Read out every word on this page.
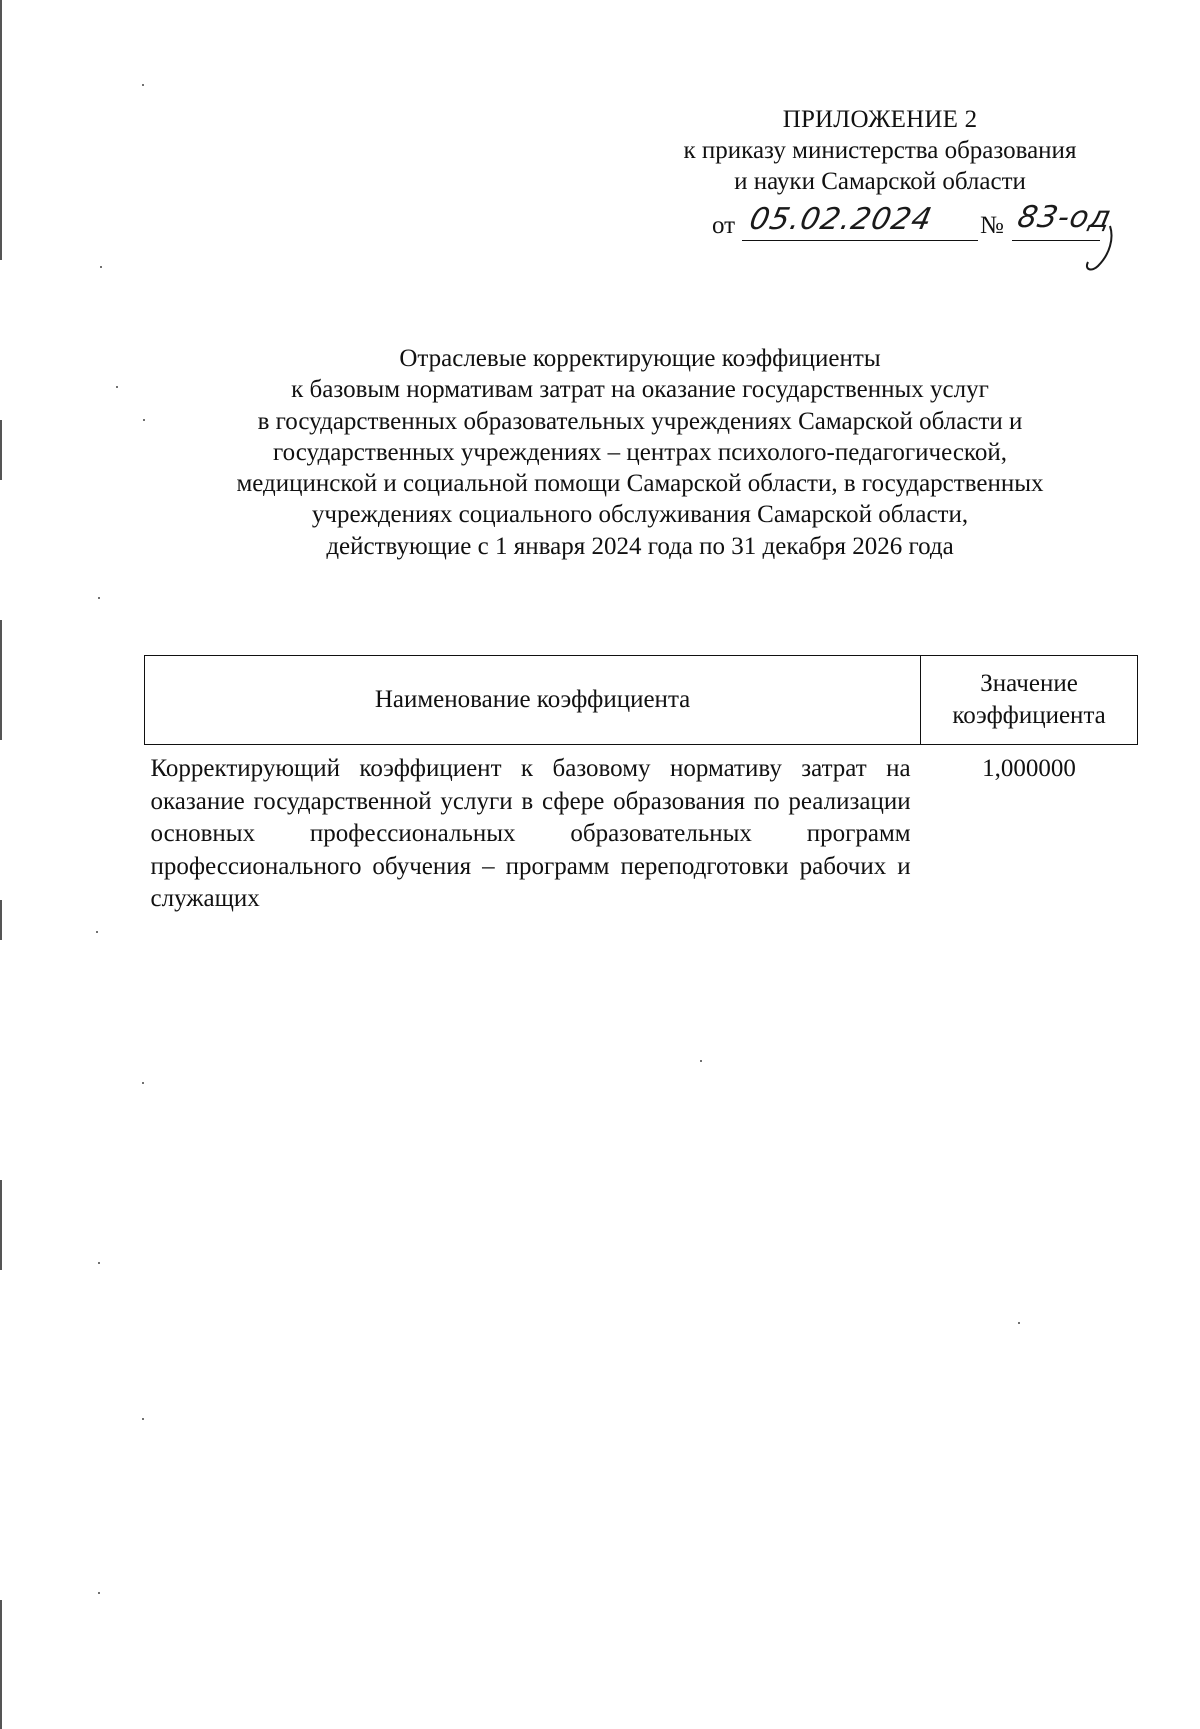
ПРИЛОЖЕНИЕ 2
к приказу министерства образования
и науки Самарской области
от 05.02.2024 № 83-од
Отраслевые корректирующие коэффициенты
к базовым нормативам затрат на оказание государственных услуг
в государственных образовательных учреждениях Самарской области и
государственных учреждениях – центрах психолого-педагогической,
медицинской и социальной помощи Самарской области, в государственных
учреждениях социального обслуживания Самарской области,
действующие с 1 января 2024 года по 31 декабря 2026 года
Наименование коэффициента	Значение
коэффициента
Корректирующий коэффициент к базовому нормативу затрат на оказание государственной услуги в сфере образования по реализации основных профессиональных образовательных программ профессионального обучения – программ переподготовки рабочих и служащих	1,000000
